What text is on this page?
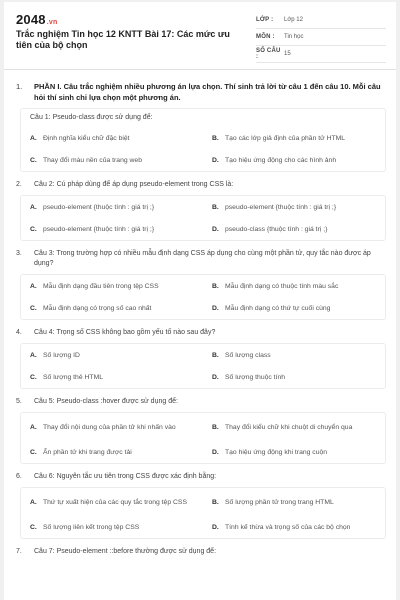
2048.vn
Trắc nghiệm Tin học 12 KNTT Bài 17: Các mức ưu tiên của bộ chọn
LỚP :	Lớp 12
MÔN :	Tin học
SỐ CÂU :	15
1.	PHẦN I. Câu trắc nghiệm nhiều phương án lựa chọn. Thí sinh trả lời từ câu 1 đến câu 10. Mỗi câu hỏi thí sinh chỉ lựa chọn một phương án.
Câu 1: Pseudo-class được sử dụng để:
A. Định nghĩa kiểu chữ đặc biệt	B. Tạo các lớp giả định của phần tử HTML
C. Thay đổi màu nền của trang web	D. Tạo hiệu ứng động cho các hình ảnh
2.	Câu 2: Cú pháp dùng để áp dụng pseudo-element trong CSS là:
A. pseudo-element {thuộc tính : giá trị ;}	B. pseudo-element {thuộc tính : giá trị ;}
C. pseudo-element {thuộc tính : giá trị ;}	D. pseudo-class {thuộc tính : giá trị ;}
3.	Câu 3: Trong trường hợp có nhiều mẫu định dạng CSS áp dụng cho cùng một phần tử, quy tắc nào được áp dụng?
A. Mẫu định dạng đầu tiên trong tệp CSS	B. Mẫu định dạng có thuộc tính màu sắc
C. Mẫu định dạng có trọng số cao nhất	D. Mẫu định dạng có thứ tự cuối cùng
4.	Câu 4: Trọng số CSS không bao gồm yếu tố nào sau đây?
A. Số lượng ID	B. Số lượng class
C. Số lượng thẻ HTML	D. Số lượng thuộc tính
5.	Câu 5: Pseudo-class :hover được sử dụng để:
A. Thay đổi nội dung của phần tử khi nhấn vào	B. Thay đổi kiểu chữ khi chuột di chuyển qua
C. Ẩn phần tử khi trang được tải	D. Tạo hiệu ứng động khi trang cuộn
6.	Câu 6: Nguyên tắc ưu tiên trong CSS được xác định bằng:
A. Thứ tự xuất hiện của các quy tắc trong tệp CSS	B. Số lượng phần tử trong trang HTML
C. Số lượng liên kết trong tệp CSS	D. Tính kế thừa và trọng số của các bộ chọn
7.	Câu 7: Pseudo-element ::before thường được sử dụng để:
